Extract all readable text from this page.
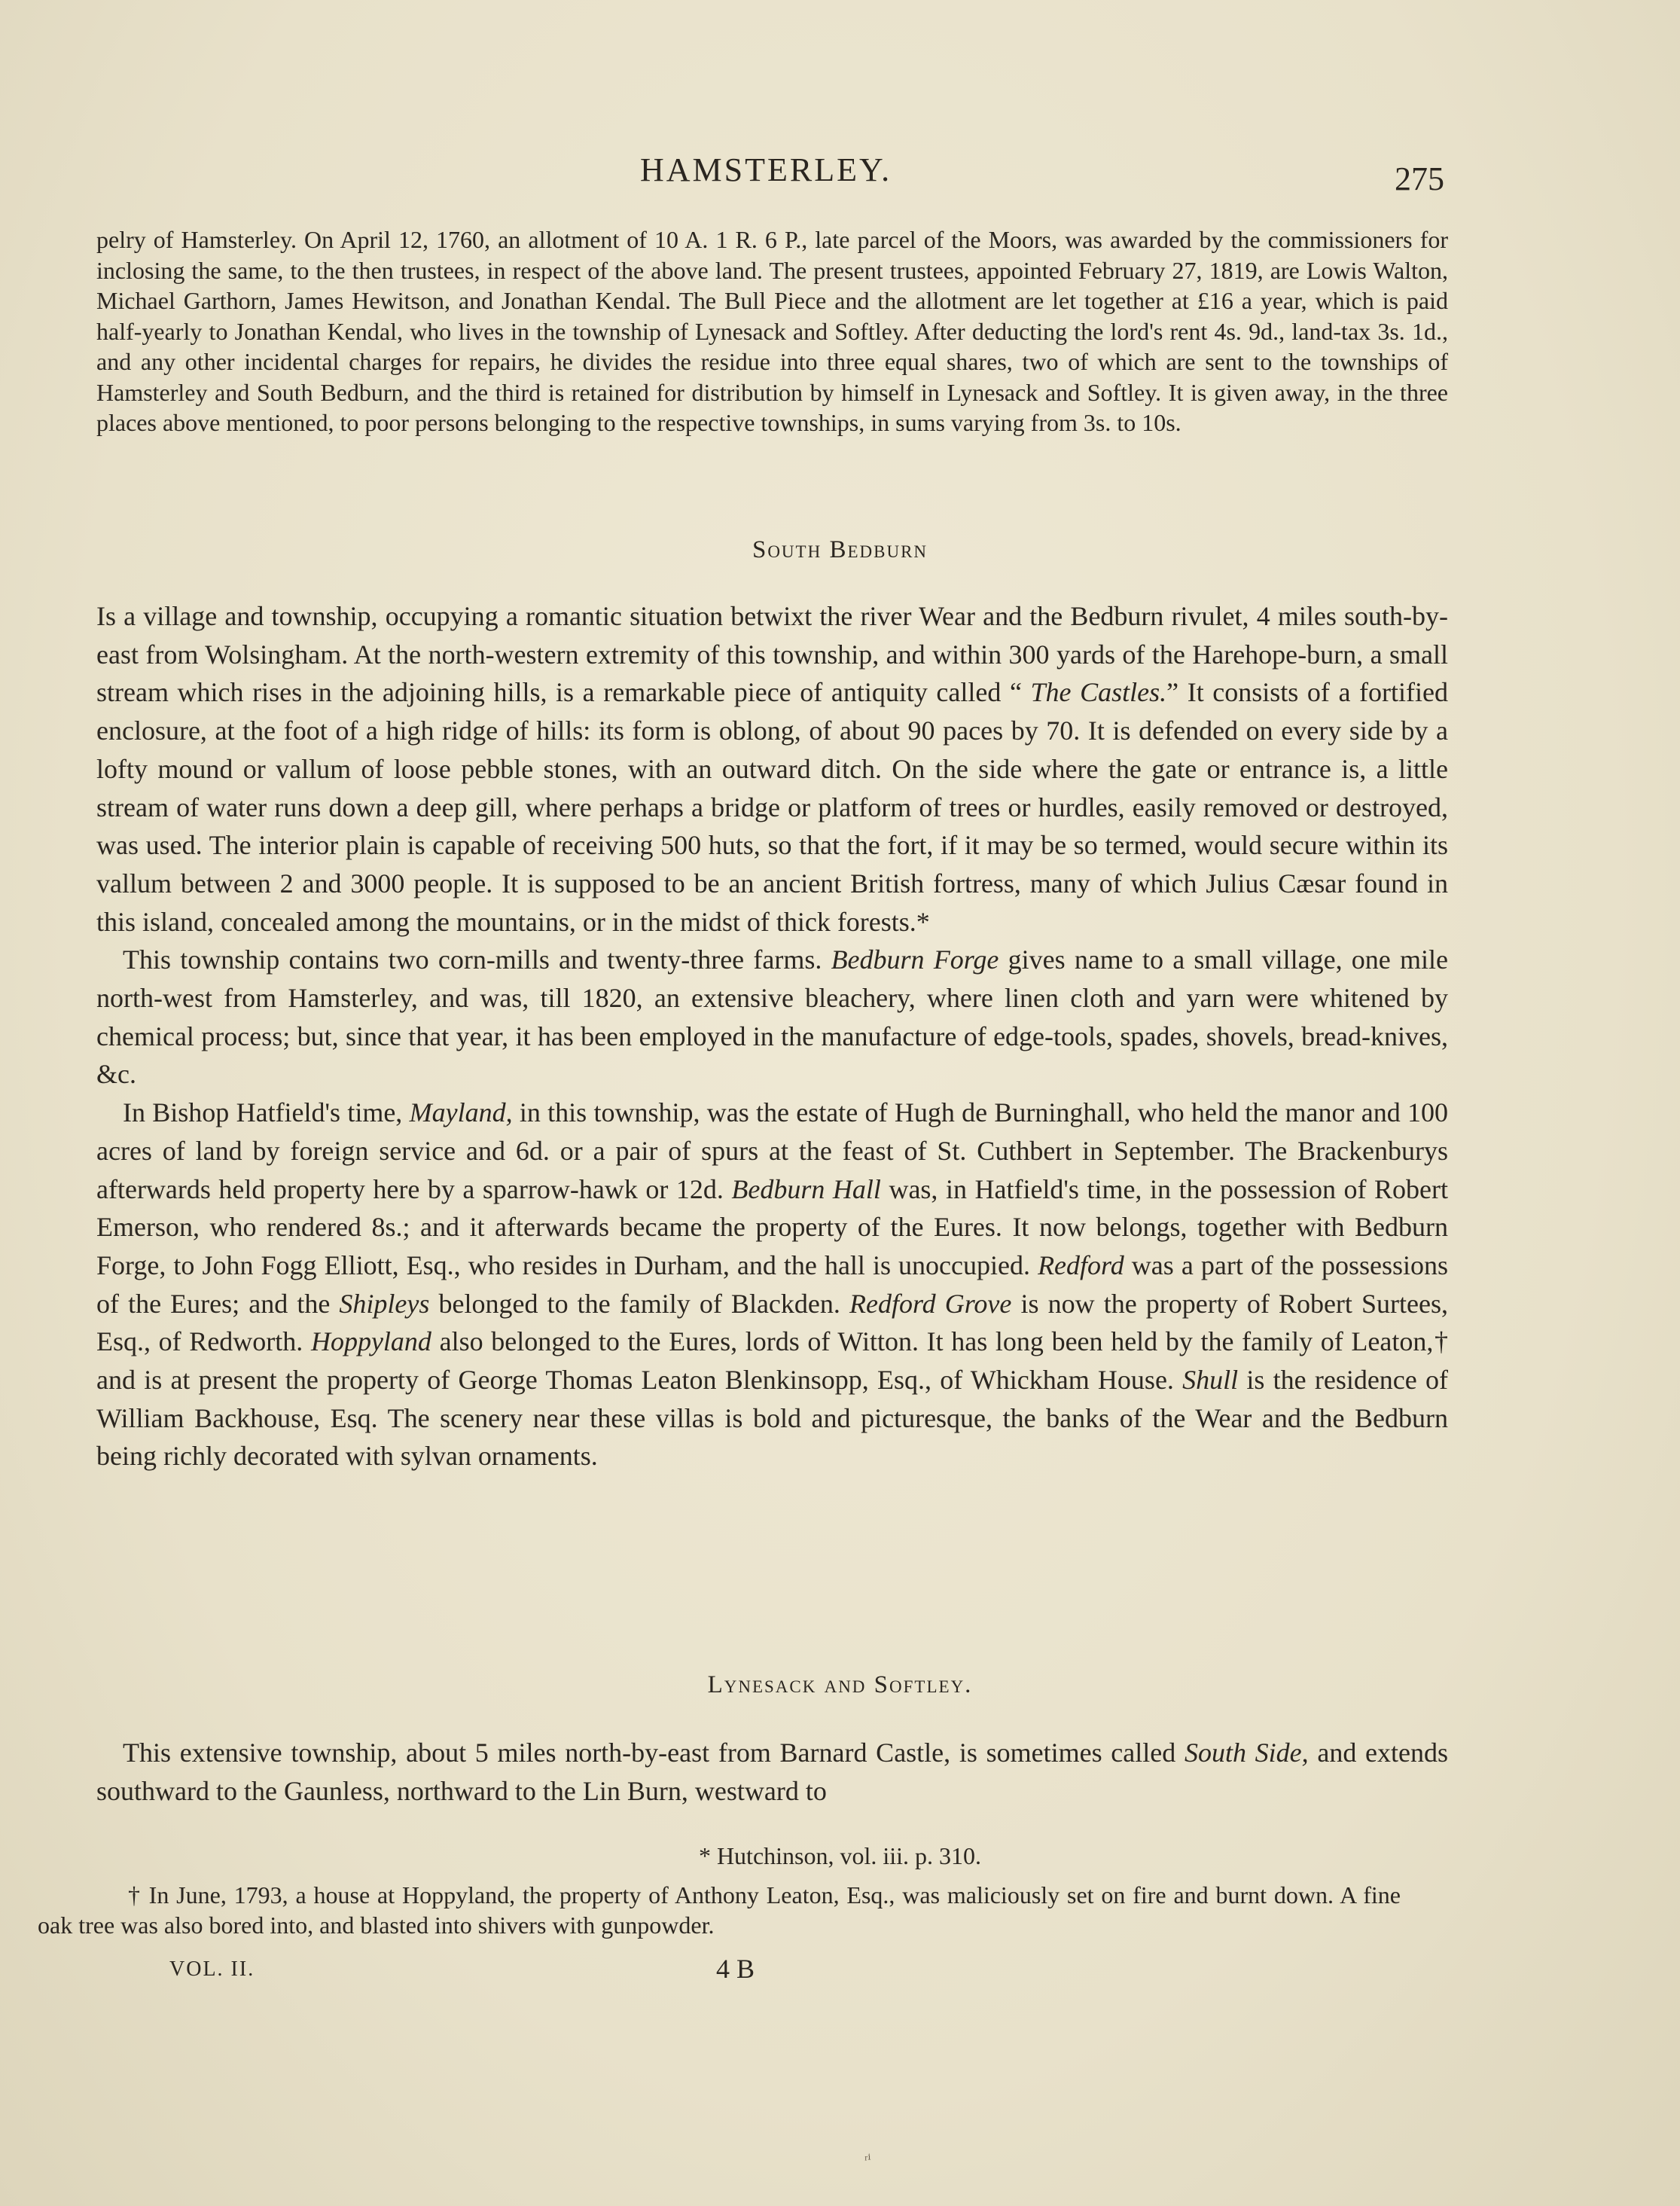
HAMSTERLEY.	275

pelry of Hamsterley. On April 12, 1760, an allotment of 10 A. 1 R. 6 P., late parcel of the Moors, was awarded by the commissioners for inclosing the same, to the then trustees, in respect of the above land. The present trustees, appointed February 27, 1819, are Lowis Walton, Michael Garthorn, James Hewitson, and Jonathan Kendal. The Bull Piece and the allotment are let together at £16 a year, which is paid half-yearly to Jonathan Kendal, who lives in the township of Lynesack and Softley. After deducting the lord's rent 4s. 9d., land-tax 3s. 1d., and any other incidental charges for repairs, he divides the residue into three equal shares, two of which are sent to the townships of Hamsterley and South Bedburn, and the third is retained for distribution by himself in Lynesack and Softley. It is given away, in the three places above mentioned, to poor persons belonging to the respective townships, in sums varying from 3s. to 10s.

South Bedburn

Is a village and township, occupying a romantic situation betwixt the river Wear and the Bedburn rivulet, 4 miles south-by-east from Wolsingham. At the north-western extremity of this township, and within 300 yards of the Harehope-burn, a small stream which rises in the adjoining hills, is a remarkable piece of antiquity called “ The Castles.” It consists of a fortified enclosure, at the foot of a high ridge of hills: its form is oblong, of about 90 paces by 70. It is defended on every side by a lofty mound or vallum of loose pebble stones, with an outward ditch. On the side where the gate or entrance is, a little stream of water runs down a deep gill, where perhaps a bridge or platform of trees or hurdles, easily removed or destroyed, was used. The interior plain is capable of receiving 500 huts, so that the fort, if it may be so termed, would secure within its vallum between 2 and 3000 people. It is supposed to be an ancient British fortress, many of which Julius Cæsar found in this island, concealed among the mountains, or in the midst of thick forests.*

This township contains two corn-mills and twenty-three farms. Bedburn Forge gives name to a small village, one mile north-west from Hamsterley, and was, till 1820, an extensive bleachery, where linen cloth and yarn were whitened by chemical process; but, since that year, it has been employed in the manufacture of edge-tools, spades, shovels, bread-knives, &c.

In Bishop Hatfield's time, Mayland, in this township, was the estate of Hugh de Burninghall, who held the manor and 100 acres of land by foreign service and 6d. or a pair of spurs at the feast of St. Cuthbert in September. The Brackenburys afterwards held property here by a sparrow-hawk or 12d. Bedburn Hall was, in Hatfield's time, in the possession of Robert Emerson, who rendered 8s.; and it afterwards became the property of the Eures. It now belongs, together with Bedburn Forge, to John Fogg Elliott, Esq., who resides in Durham, and the hall is unoccupied. Redford was a part of the possessions of the Eures; and the Shipleys belonged to the family of Blackden. Redford Grove is now the property of Robert Surtees, Esq., of Redworth. Hoppyland also belonged to the Eures, lords of Witton. It has long been held by the family of Leaton,† and is at present the property of George Thomas Leaton Blenkinsopp, Esq., of Whickham House. Shull is the residence of William Backhouse, Esq. The scenery near these villas is bold and picturesque, the banks of the Wear and the Bedburn being richly decorated with sylvan ornaments.

Lynesack and Softley.

This extensive township, about 5 miles north-by-east from Barnard Castle, is sometimes called South Side, and extends southward to the Gaunless, northward to the Lin Burn, westward to

* Hutchinson, vol. iii. p. 310.

† In June, 1793, a house at Hoppyland, the property of Anthony Leaton, Esq., was maliciously set on fire and burnt down. A fine oak tree was also bored into, and blasted into shivers with gunpowder.

VOL. II.	4 B
ʳⁱ
